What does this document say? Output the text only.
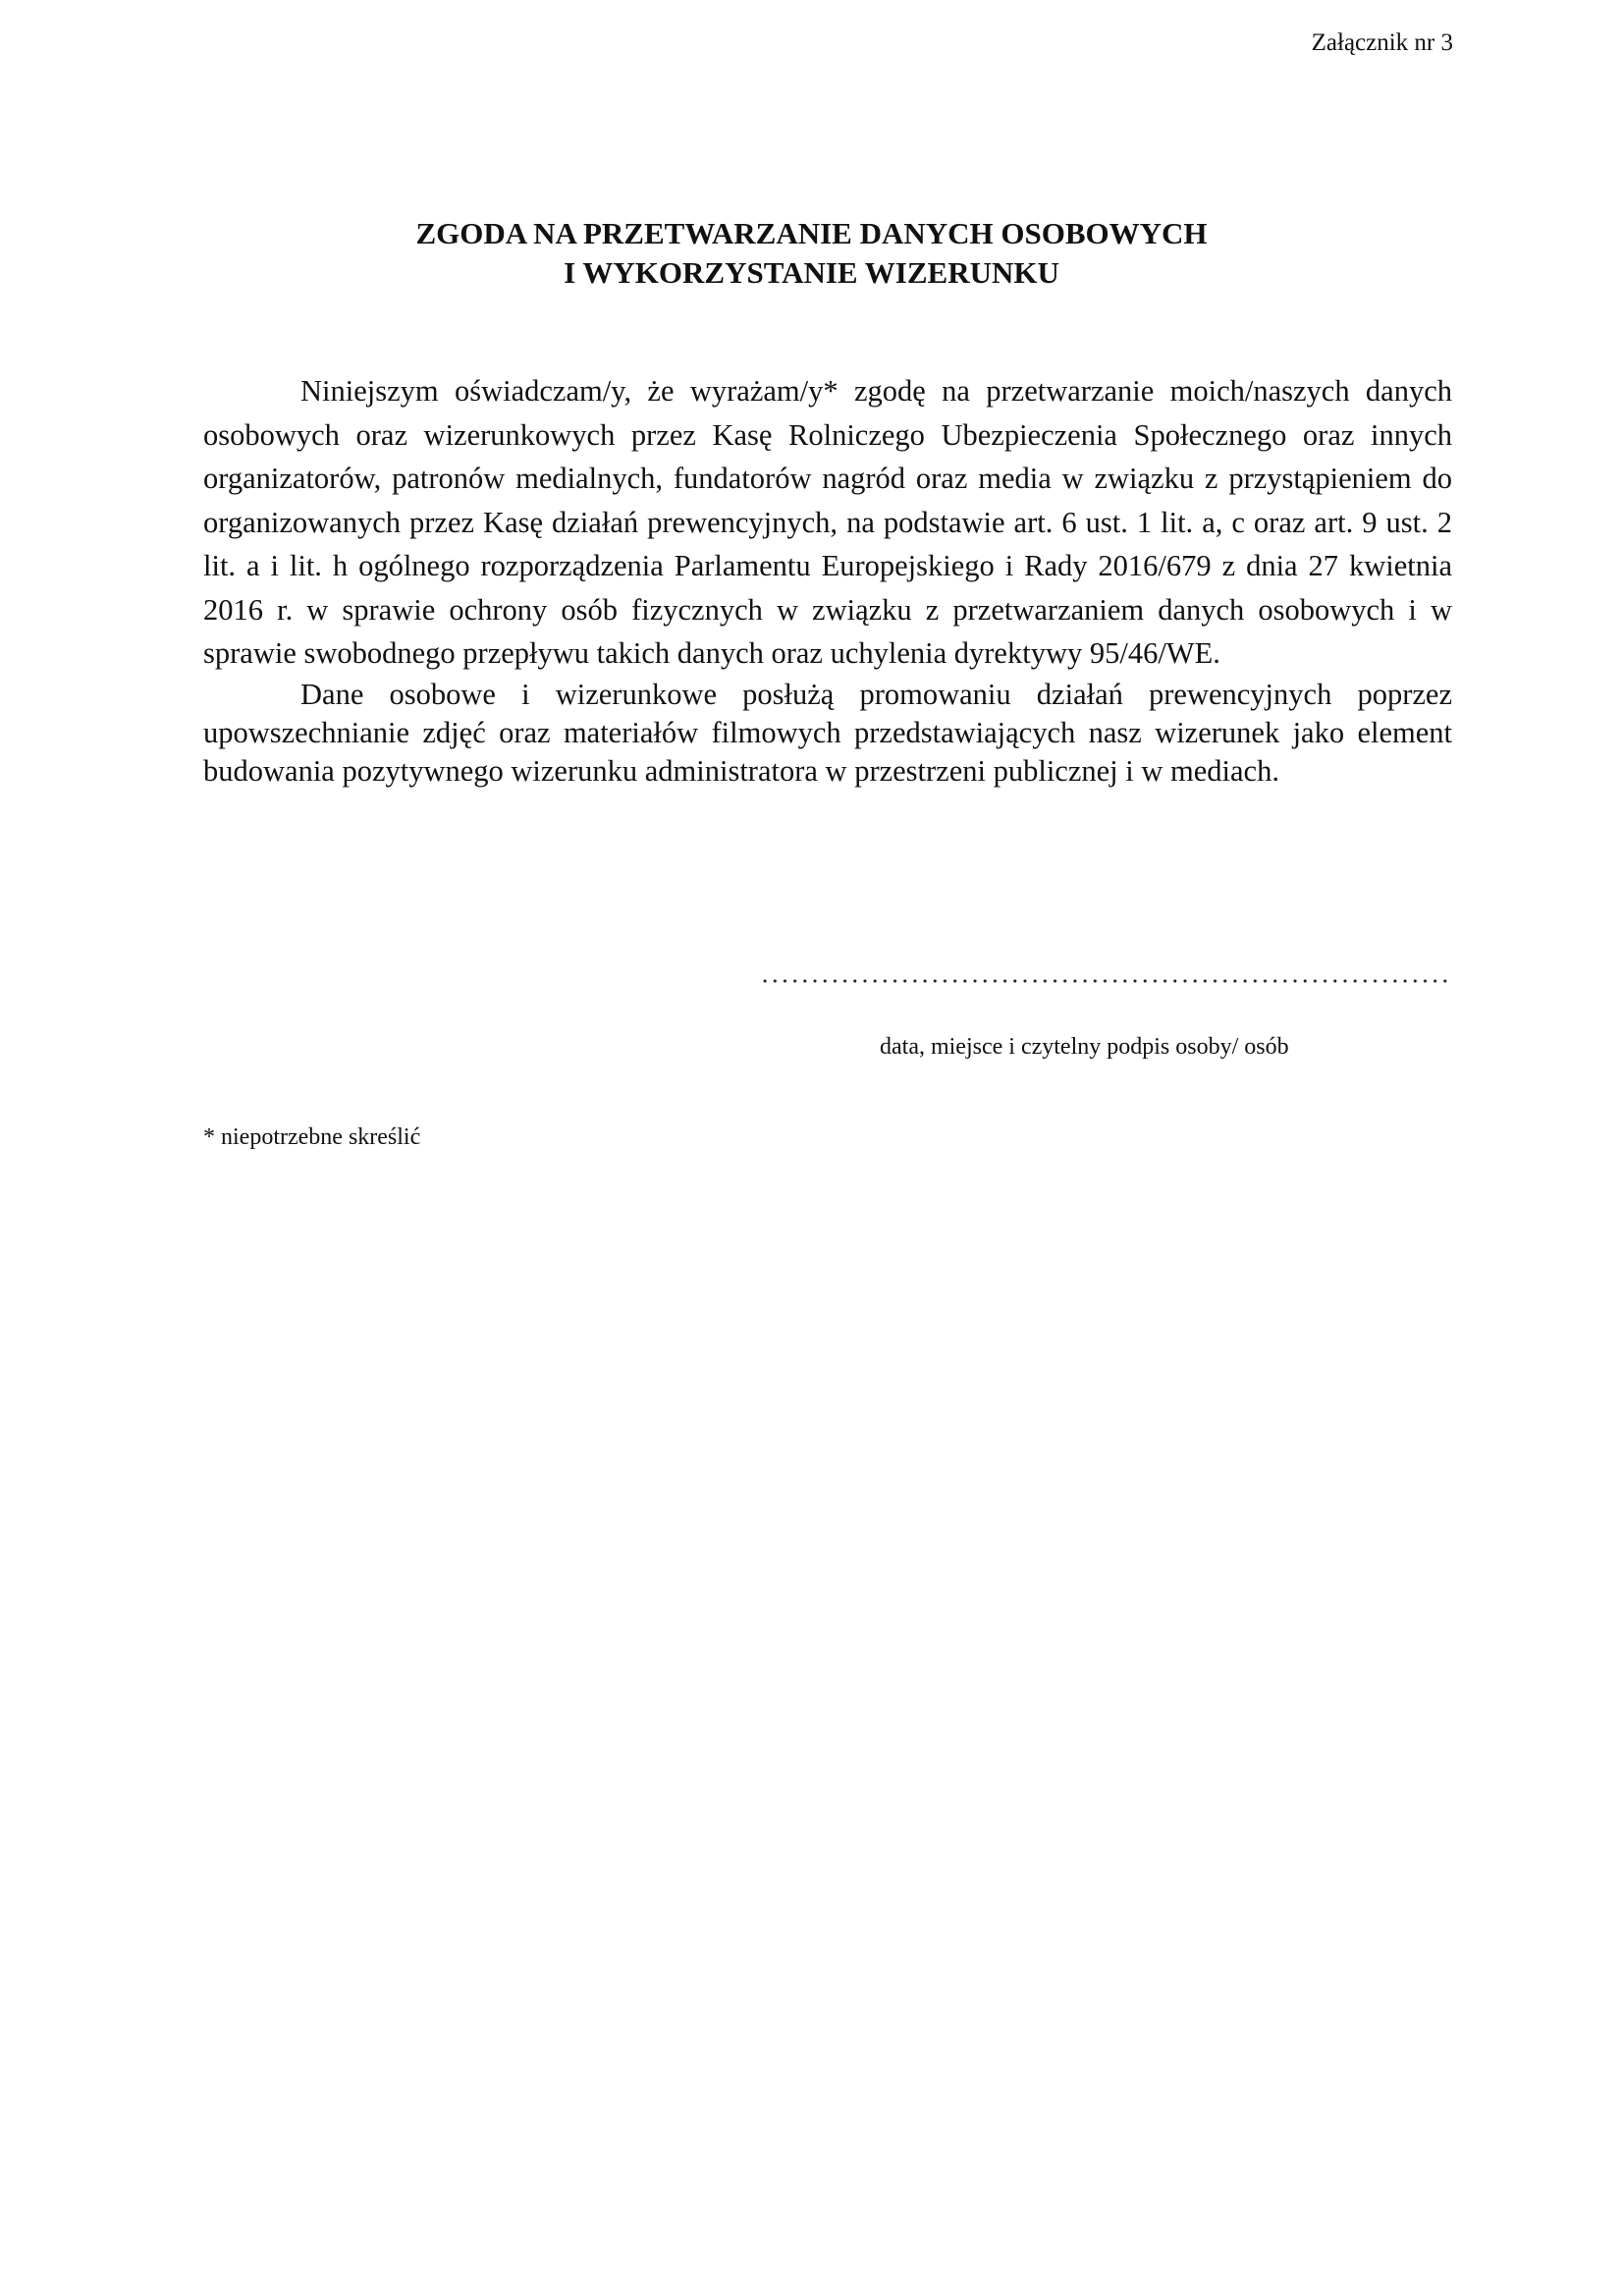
Załącznik nr 3
ZGODA NA PRZETWARZANIE DANYCH OSOBOWYCH
I WYKORZYSTANIE WIZERUNKU

Niniejszym oświadczam/y, że wyrażam/y* zgodę na przetwarzanie moich/naszych danych osobowych oraz wizerunkowych przez Kasę Rolniczego Ubezpieczenia Społecznego oraz innych organizatorów, patronów medialnych, fundatorów nagród oraz media w związku z przystąpieniem do organizowanych przez Kasę działań prewencyjnych, na podstawie art. 6 ust. 1 lit. a, c oraz art. 9 ust. 2 lit. a i lit. h ogólnego rozporządzenia Parlamentu Europejskiego i Rady 2016/679 z dnia 27 kwietnia 2016 r. w sprawie ochrony osób fizycznych w związku z przetwarzaniem danych osobowych i w sprawie swobodnego przepływu takich danych oraz uchylenia dyrektywy 95/46/WE.

Dane osobowe i wizerunkowe posłużą promowaniu działań prewencyjnych poprzez upowszechnianie zdjęć oraz materiałów filmowych przedstawiających nasz wizerunek jako element budowania pozytywnego wizerunku administratora w przestrzeni publicznej i w mediach.

data, miejsce i czytelny podpis osoby/ osób
* niepotrzebne skreślić
